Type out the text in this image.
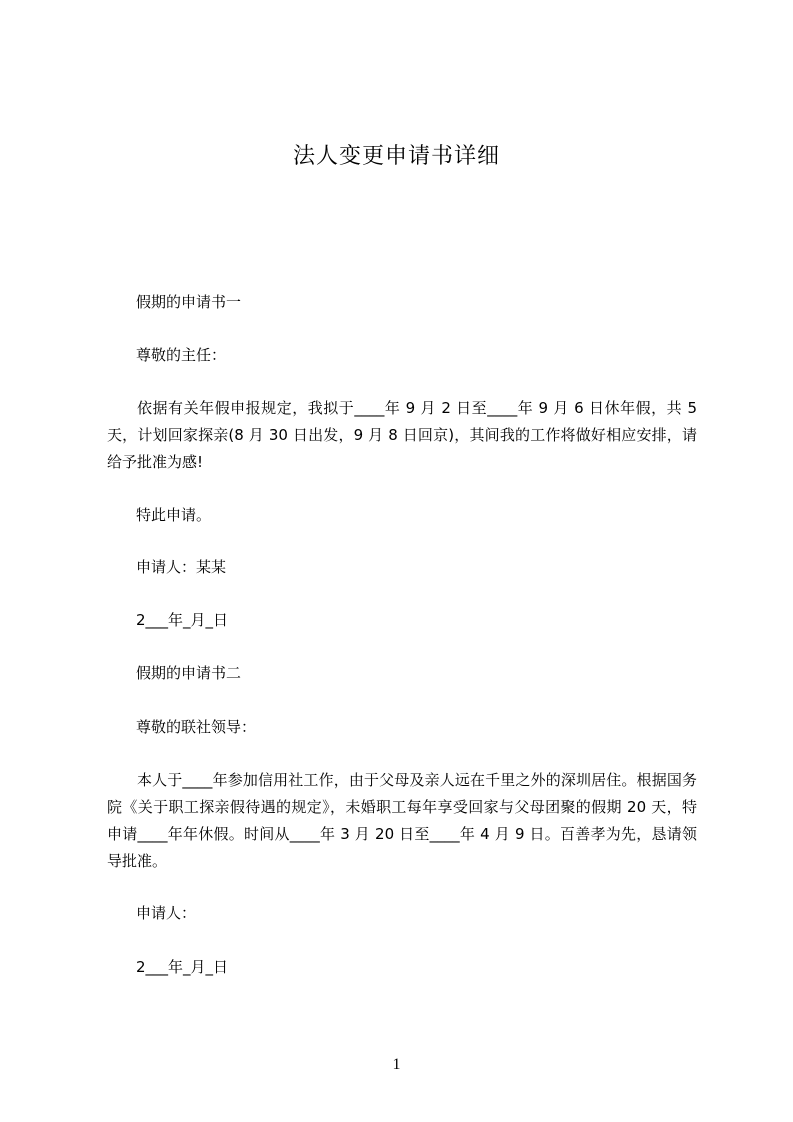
法人变更申请书详细
假期的申请书一
尊敬的主任：
依据有关年假申报规定，我拟于____年 9 月 2 日至____年 9 月 6 日休年假，共 5 天，计划回家探亲(8 月 30 日出发，9 月 8 日回京)，其间我的工作将做好相应安排，请给予批准为感!
特此申请。
申请人：某某
2___年_月_日
假期的申请书二
尊敬的联社领导：
本人于____年参加信用社工作，由于父母及亲人远在千里之外的深圳居住。根据国务院《关于职工探亲假待遇的规定》，未婚职工每年享受回家与父母团聚的假期 20 天，特申请____年年休假。时间从____年 3 月 20 日至____年 4 月 9 日。百善孝为先，恳请领导批准。
申请人：
2___年_月_日
1
